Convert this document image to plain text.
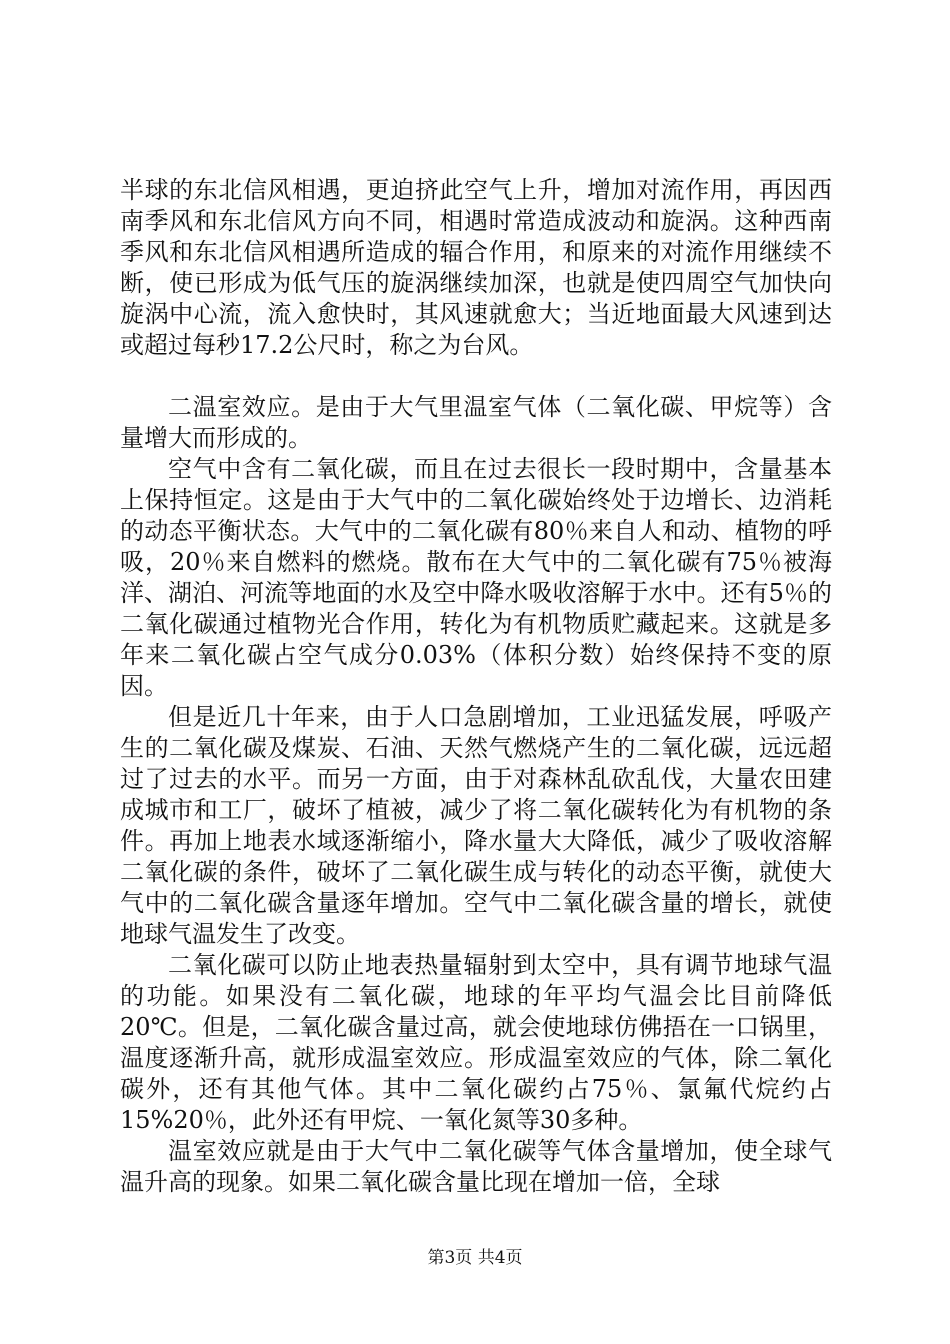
半球的东北信风相遇，更迫挤此空气上升，增加对流作用，再因西南季风和东北信风方向不同，相遇时常造成波动和旋涡。这种西南季风和东北信风相遇所造成的辐合作用，和原来的对流作用继续不断，使已形成为低气压的旋涡继续加深，也就是使四周空气加快向旋涡中心流，流入愈快时，其风速就愈大；当近地面最大风速到达或超过每秒17.2公尺时，称之为台风。

二温室效应。是由于大气里温室气体（二氧化碳、甲烷等）含量增大而形成的。

空气中含有二氧化碳，而且在过去很长一段时期中，含量基本上保持恒定。这是由于大气中的二氧化碳始终处于边增长、边消耗的动态平衡状态。大气中的二氧化碳有80％来自人和动、植物的呼吸，20％来自燃料的燃烧。散布在大气中的二氧化碳有75％被海洋、湖泊、河流等地面的水及空中降水吸收溶解于水中。还有5％的二氧化碳通过植物光合作用，转化为有机物质贮藏起来。这就是多年来二氧化碳占空气成分0.03%（体积分数）始终保持不变的原因。

但是近几十年来，由于人口急剧增加，工业迅猛发展，呼吸产生的二氧化碳及煤炭、石油、天然气燃烧产生的二氧化碳，远远超过了过去的水平。而另一方面，由于对森林乱砍乱伐，大量农田建成城市和工厂，破坏了植被，减少了将二氧化碳转化为有机物的条件。再加上地表水域逐渐缩小，降水量大大降低，减少了吸收溶解二氧化碳的条件，破坏了二氧化碳生成与转化的动态平衡，就使大气中的二氧化碳含量逐年增加。空气中二氧化碳含量的增长，就使地球气温发生了改变。

二氧化碳可以防止地表热量辐射到太空中，具有调节地球气温的功能。如果没有二氧化碳，地球的年平均气温会比目前降低20℃。但是，二氧化碳含量过高，就会使地球仿佛捂在一口锅里，温度逐渐升高，就形成温室效应。形成温室效应的气体，除二氧化碳外，还有其他气体。其中二氧化碳约占75％、氯氟代烷约占15%20％，此外还有甲烷、一氧化氮等30多种。

温室效应就是由于大气中二氧化碳等气体含量增加，使全球气温升高的现象。如果二氧化碳含量比现在增加一倍，全球

第3页 共4页
